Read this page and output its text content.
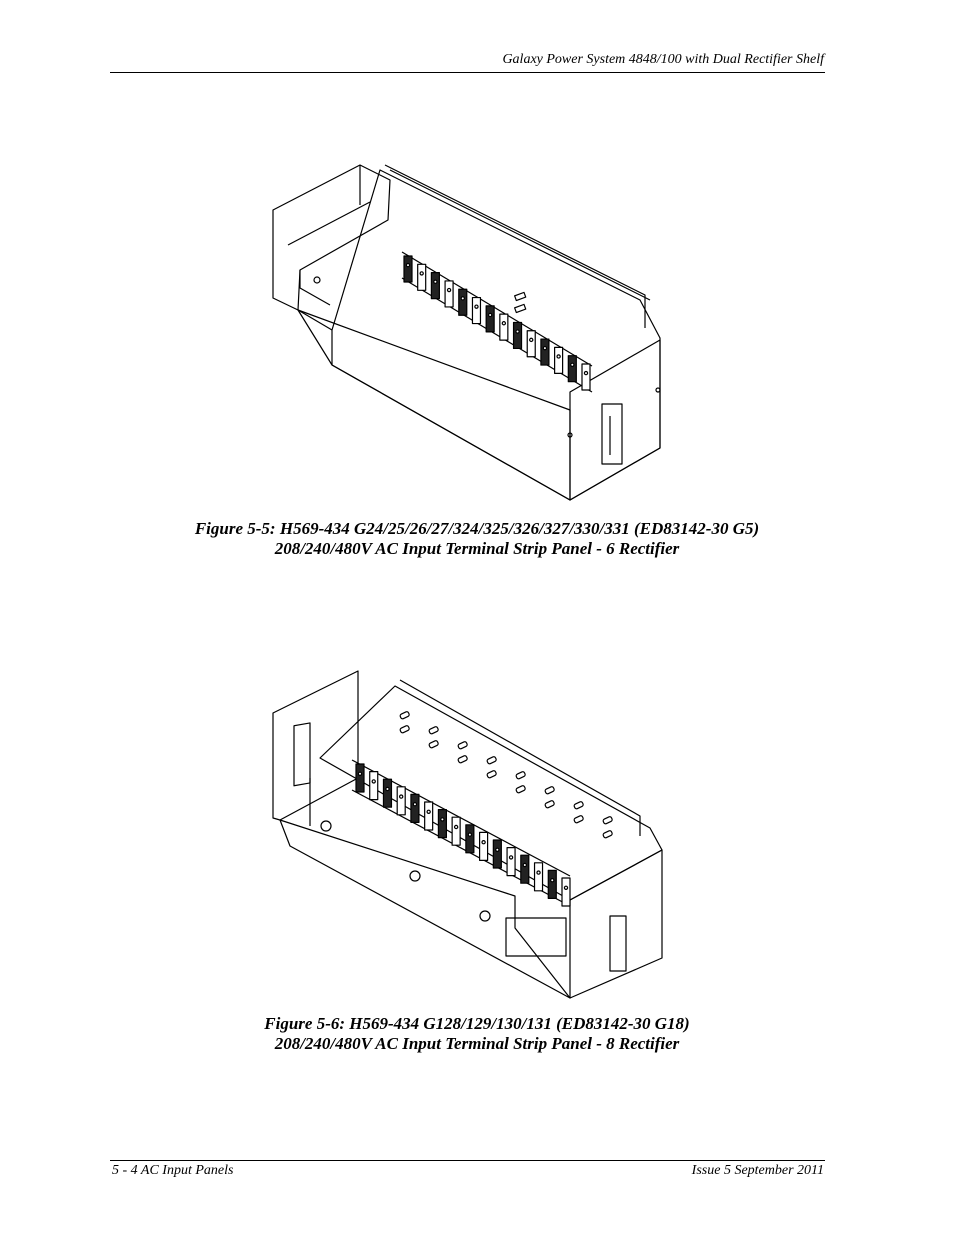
Galaxy Power System 4848/100 with Dual Rectifier Shelf
Figure 5-5: H569-434 G24/25/26/27/324/325/326/327/330/331 (ED83142-30 G5)
208/240/480V AC Input Terminal Strip Panel - 6 Rectifier
Figure 5-6: H569-434 G128/129/130/131 (ED83142-30 G18)
208/240/480V AC Input Terminal Strip Panel - 8 Rectifier
5 - 4 AC Input Panels	Issue 5 September 2011
